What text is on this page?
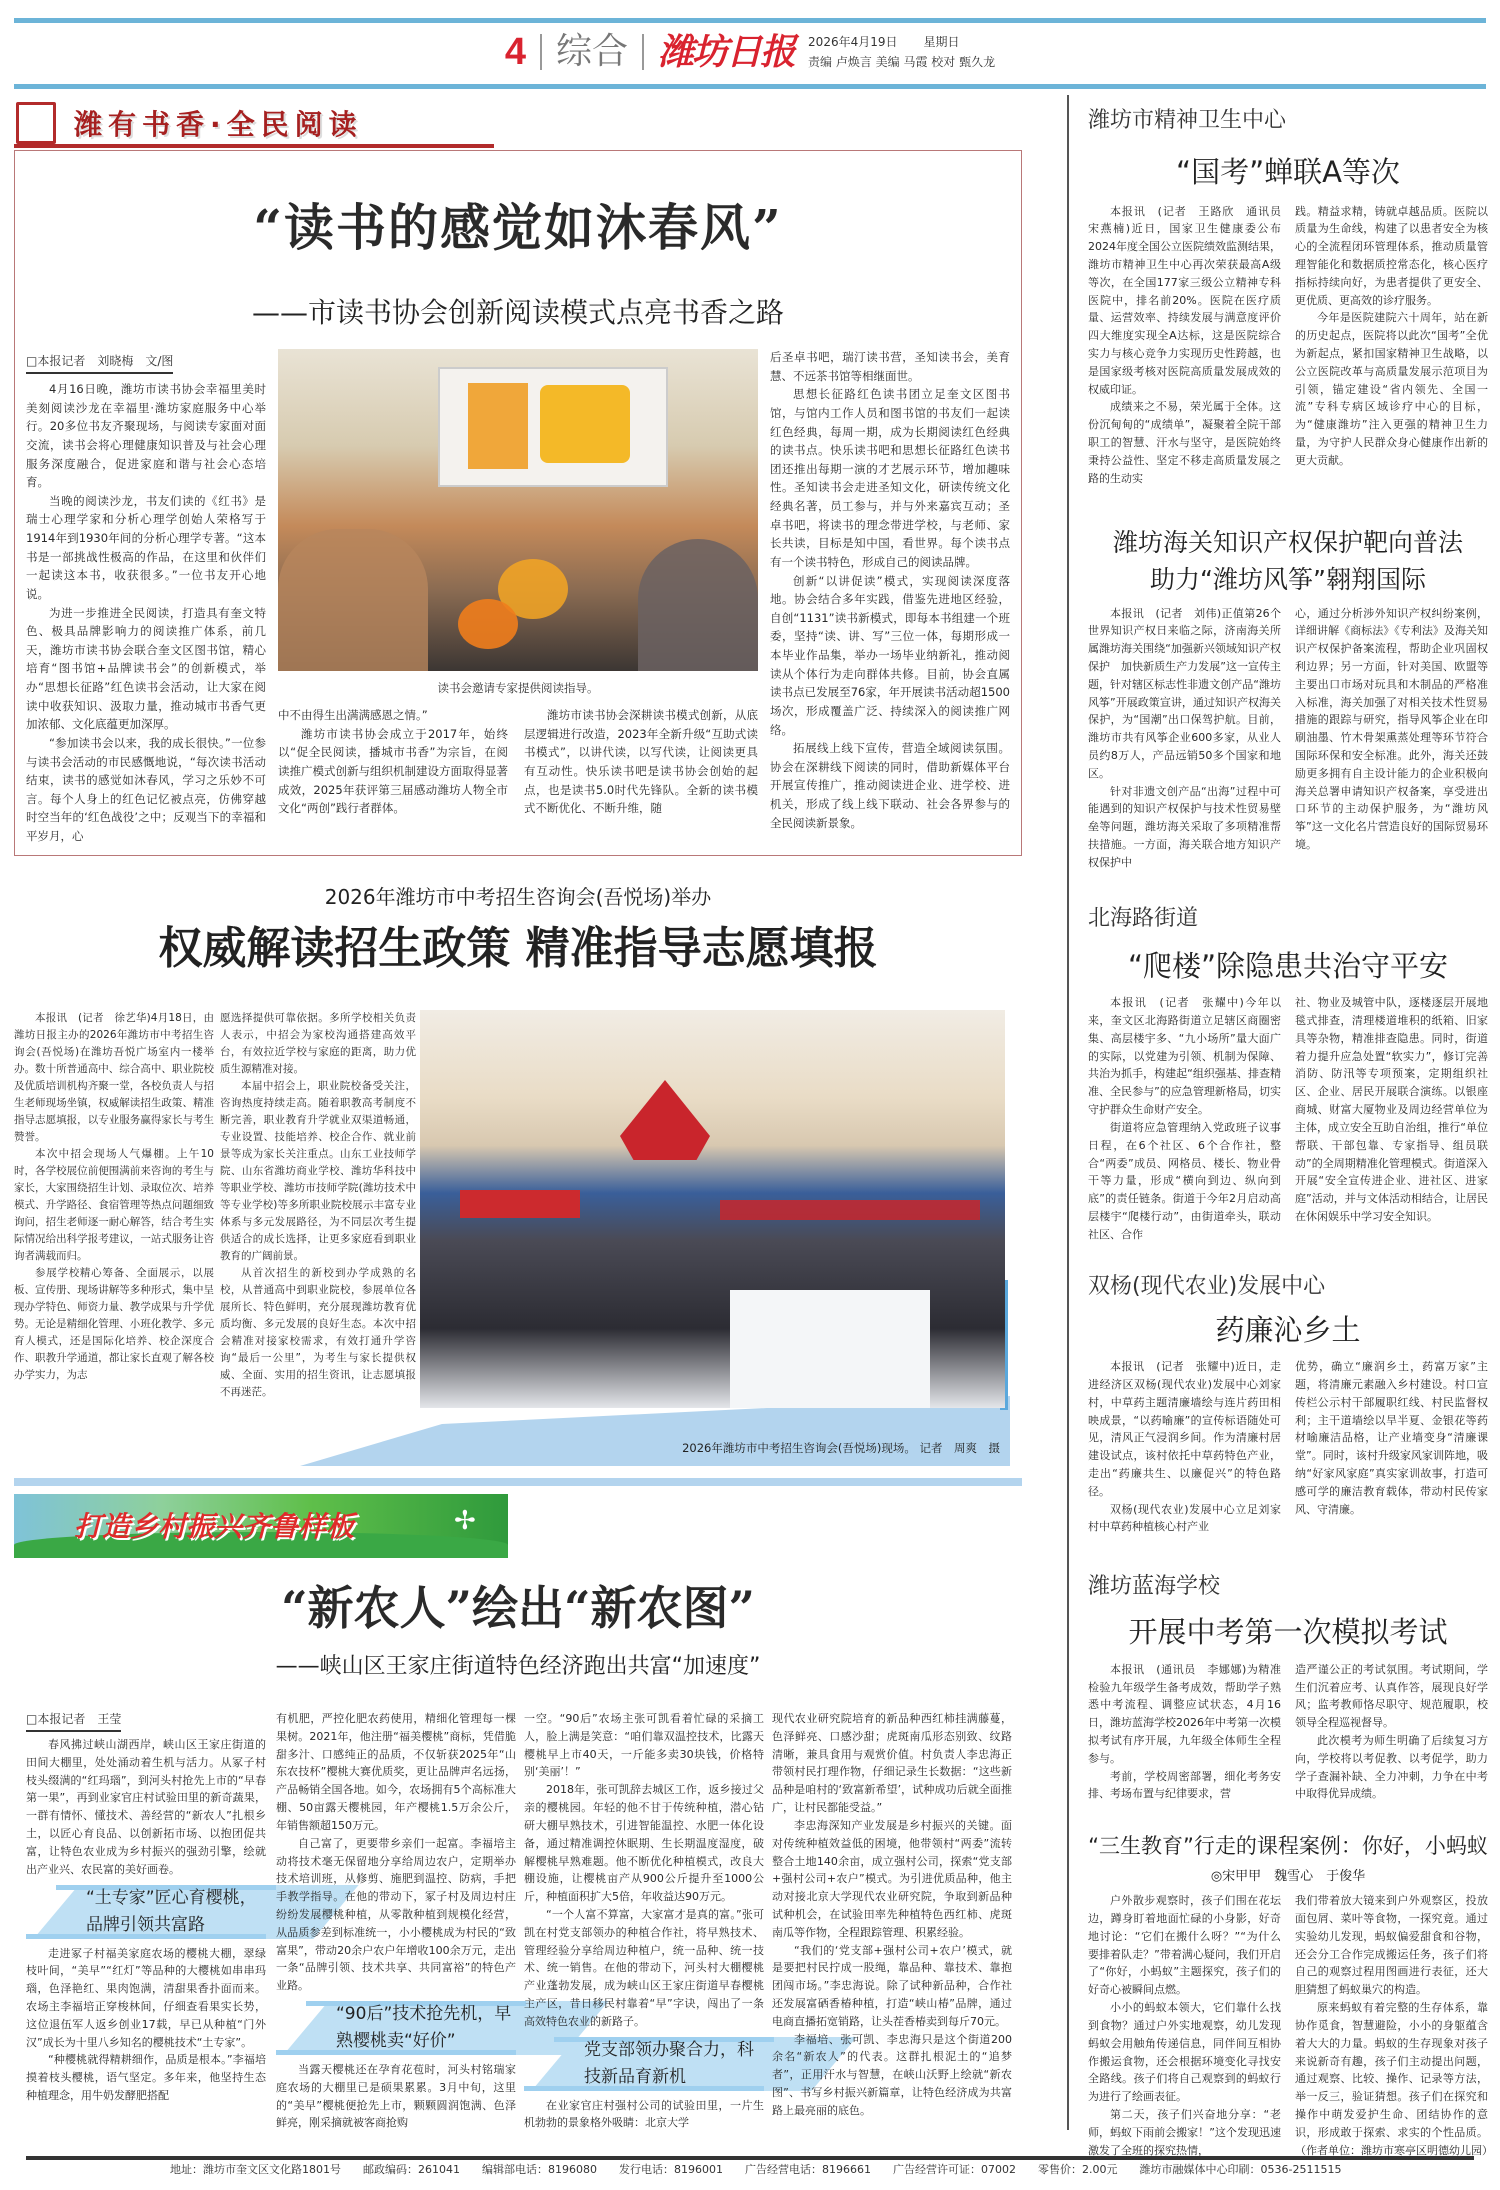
4 综合 潍坊日报 2026年4月19日 星期日
责编 卢焕言 美编 马霞 校对 甄久龙
潍有书香·全民阅读
“读书的感觉如沐春风”
——市读书协会创新阅读模式点亮书香之路
□本报记者　刘晓梅　文/图

4月16日晚，潍坊市读书协会幸福里美时美刻阅读沙龙在幸福里·潍坊家庭服务中心举行。20多位书友齐聚现场，与阅读专家面对面交流，读书会将心理健康知识普及与社会心理服务深度融合，促进家庭和谐与社会心态培育。

当晚的阅读沙龙，书友们读的《红书》是瑞士心理学家和分析心理学创始人荣格写于1914年到1930年间的分析心理学专著。“这本书是一部挑战性极高的作品，在这里和伙伴们一起读这本书，收获很多。”一位书友开心地说。

为进一步推进全民阅读，打造具有奎文特色、极具品牌影响力的阅读推广体系，前几天，潍坊市读书协会联合奎文区图书馆，精心培育“图书馆+品牌读书会”的创新模式，举办“思想长征路”红色读书会活动，让大家在阅读中收获知识、汲取力量，推动城市书香气更加浓郁、文化底蕴更加深厚。

“参加读书会以来，我的成长很快。”一位参与读书会活动的市民感慨地说，“每次读书活动结束，读书的感觉如沐春风，学习之乐妙不可言。每个人身上的红色记忆被点亮，仿佛穿越时空当年的‘红色战役’之中；反观当下的幸福和平岁月，心

读书会邀请专家提供阅读指导。

中不由得生出满满感恩之情。”

潍坊市读书协会成立于2017年，始终以“促全民阅读，播城市书香”为宗旨，在阅读推广模式创新与组织机制建设方面取得显著成效，2025年获评第三届感动潍坊人物全市文化“两创”践行者群体。

潍坊市读书协会深耕读书模式创新，从底层逻辑进行改造，2023年全新升级“互助式读书模式”，以讲代读，以写代读，让阅读更具有互动性。快乐读书吧是读书协会创始的起点，也是读书5.0时代先锋队。全新的读书模式不断优化、不断升维，随

后圣卓书吧，瑞汀读书营，圣知读书会，美育慧、不远茶书馆等相继面世。

思想长征路红色读书团立足奎文区图书馆，与馆内工作人员和图书馆的书友们一起读红色经典，每周一期，成为长期阅读红色经典的读书点。快乐读书吧和思想长征路红色读书团还推出每期一演的才艺展示环节，增加趣味性。圣知读书会走进圣知文化，研读传统文化经典名著，员工参与，并与外来嘉宾互动；圣卓书吧，将读书的理念带进学校，与老师、家长共读，目标是知中国，看世界。每个读书点有一个读书特色，形成自己的阅读品牌。

创新“以讲促读”模式，实现阅读深度落地。协会结合多年实践，借鉴先进地区经验，自创“1131”读书新模式，即每本书组建一个班委，坚持“读、讲、写”三位一体，每期形成一本毕业作品集，举办一场毕业纳新礼，推动阅读从个体行为走向群体共修。目前，协会直属读书点已发展至76家，年开展读书活动超1500场次，形成覆盖广泛、持续深入的阅读推广网络。

拓展线上线下宣传，营造全域阅读氛围。协会在深耕线下阅读的同时，借助新媒体平台开展宣传推广，推动阅读进企业、进学校、进机关，形成了线上线下联动、社会各界参与的全民阅读新景象。

2026年潍坊市中考招生咨询会(吾悦场)举办
权威解读招生政策 精准指导志愿填报

本报讯　(记者　徐艺华)4月18日，由潍坊日报主办的2026年潍坊市中考招生咨询会(吾悦场)在潍坊吾悦广场室内一楼举办。数十所普通高中、综合高中、职业院校及优质培训机构齐聚一堂，各校负责人与招生老师现场坐镇，权威解读招生政策、精准指导志愿填报，以专业服务赢得家长与考生赞誉。

本次中招会现场人气爆棚。上午10时，各学校展位前便围满前来咨询的考生与家长，大家围绕招生计划、录取位次、培养模式、升学路径、食宿管理等热点问题细致询问，招生老师逐一耐心解答，结合考生实际情况给出科学报考建议，一站式服务让咨询者满载而归。

参展学校精心筹备、全面展示，以展板、宣传册、现场讲解等多种形式，集中呈现办学特色、师资力量、教学成果与升学优势。无论是精细化管理、小班化教学、多元育人模式，还是国际化培养、校企深度合作、职教升学通道，都让家长直观了解各校办学实力，为志

愿选择提供可靠依据。多所学校相关负责人表示，中招会为家校沟通搭建高效平台，有效拉近学校与家庭的距离，助力优质生源精准对接。

本届中招会上，职业院校备受关注，咨询热度持续走高。随着职教高考制度不断完善，职业教育升学就业双渠道畅通，专业设置、技能培养、校企合作、就业前景等成为家长关注重点。山东工业技师学院、山东省潍坊商业学校、潍坊华科技中等职业学校、潍坊市技师学院(潍坊技术中等专业学校)等多所职业院校展示丰富专业体系与多元发展路径，为不同层次考生提供适合的成长选择，让更多家庭看到职业教育的广阔前景。

从首次招生的新校到办学成熟的名校，从普通高中到职业院校，参展单位各展所长、特色鲜明，充分展现潍坊教育优质均衡、多元发展的良好生态。本次中招会精准对接家校需求，有效打通升学咨询“最后一公里”，为考生与家长提供权威、全面、实用的招生资讯，让志愿填报不再迷茫。

2026年潍坊市中考招生咨询会(吾悦场)现场。 记者　周爽　摄
打造乡村振兴齐鲁样板	✢
“新农人”绘出“新农图”
——峡山区王家庄街道特色经济跑出共富“加速度”
□本报记者　王莹

春风拂过峡山湖西岸，峡山区王家庄街道的田间大棚里，处处涌动着生机与活力。从冢子村枝头缀满的“红玛瑙”，到河头村抢先上市的“早春第一果”，再到业家官庄村试验田里的新奇蔬果，一群有情怀、懂技术、善经营的“新农人”扎根乡土，以匠心育良品、以创新拓市场、以抱团促共富，让特色农业成为乡村振兴的强劲引擎，绘就出产业兴、农民富的美好画卷。

“土专家”匠心育樱桃，品牌引领共富路

走进冢子村福美家庭农场的樱桃大棚，翠绿枝叶间，“美早”“红灯”等品种的大樱桃如串串玛瑙，色泽艳红、果肉饱满，清甜果香扑面而来。农场主李福培正穿梭林间，仔细查看果实长势，这位退伍军人返乡创业17载，早已从种植“门外汉”成长为十里八乡知名的樱桃技术“土专家”。

“种樱桃就得精耕细作，品质是根本。”李福培摸着枝头樱桃，语气坚定。多年来，他坚持生态种植理念，用牛奶发酵肥搭配

有机肥，严控化肥农药使用，精细化管理每一棵果树。2021年，他注册“福美樱桃”商标，凭借脆甜多汁、口感纯正的品质，不仅斩获2025年“山东农技杯”樱桃大赛优质奖，更让品牌声名远扬，产品畅销全国各地。如今，农场拥有5个高标准大棚、50亩露天樱桃园，年产樱桃1.5万余公斤，年销售额超150万元。

自己富了，更要带乡亲们一起富。李福培主动将技术毫无保留地分享给周边农户，定期举办技术培训班，从修剪、施肥到温控、防病，手把手教学指导。在他的带动下，冢子村及周边村庄纷纷发展樱桃种植，从零散种植到规模化经营，从品质参差到标准统一，小小樱桃成为村民的“致富果”，带动20余户农户年增收100余万元，走出一条“品牌引领、技术共享、共同富裕”的特色产业路。

“90后”技术抢先机，早熟樱桃卖“好价”

当露天樱桃还在孕育花苞时，河头村铭瑞家庭农场的大棚里已是硕果累累。3月中旬，这里的“美早”樱桃便抢先上市，颗颗圆润饱满、色泽鲜亮，刚采摘就被客商抢购

一空。“90后”农场主张可凯看着忙碌的采摘工人，脸上满是笑意：“咱们靠双温控技术，比露天樱桃早上市40天，一斤能多卖30块钱，价格特别‘美丽’！”

2018年，张可凯辞去城区工作，返乡接过父亲的樱桃园。年轻的他不甘于传统种植，潜心钻研大棚早熟技术，引进智能温控、水肥一体化设备，通过精准调控休眠期、生长期温度湿度，破解樱桃早熟难题。他不断优化种植模式，改良大棚设施，让樱桃亩产从900公斤提升至1000公斤，种植面积扩大5倍，年收益达90万元。

“一个人富不算富，大家富才是真的富。”张可凯在村党支部领办的种植合作社，将早熟技术、管理经验分享给周边种植户，统一品种、统一技术、统一销售。在他的带动下，河头村大棚樱桃产业蓬勃发展，成为峡山区王家庄街道早春樱桃主产区，昔日移民村靠着“早”字诀，闯出了一条高效特色农业的新路子。

党支部领办聚合力，科技新品育新机

在业家官庄村强村公司的试验田里，一片生机勃勃的景象格外吸睛：北京大学

现代农业研究院培育的新品种西红柿挂满藤蔓，色泽鲜亮、口感沙甜；虎斑南瓜形态别致、纹路清晰，兼具食用与观赏价值。村负责人李忠海正带领村民打理作物，仔细记录生长数据：“这些新品种是咱村的‘致富新希望’，试种成功后就全面推广，让村民都能受益。”

李忠海深知产业发展是乡村振兴的关键。面对传统种植效益低的困境，他带领村“两委”流转整合土地140余亩，成立强村公司，探索“党支部+强村公司+农户”模式。为引进优质品种，他主动对接北京大学现代农业研究院，争取到新品种试种机会，在试验田率先种植特色西红柿、虎斑南瓜等作物，全程跟踪管理、积累经验。

“我们的‘党支部+强村公司+农户’模式，就是要把村民拧成一股绳，靠品种、靠技术、靠抱团闯市场。”李忠海说。除了试种新品种，合作社还发展富硒香椿种植，打造“峡山椿”品牌，通过电商直播拓宽销路，让头茬香椿卖到每斤70元。

李福培、张可凯、李忠海只是这个街道200余名“新农人”的代表。这群扎根泥土的“追梦者”，正用汗水与智慧，在峡山沃野上绘就“新农图”、书写乡村振兴新篇章，让特色经济成为共富路上最亮丽的底色。

潍坊市精神卫生中心
“国考”蝉联A等次

本报讯　(记者　王路欣　通讯员　宋燕楠)近日，国家卫生健康委公布2024年度全国公立医院绩效监测结果，潍坊市精神卫生中心再次荣获最高A级等次，在全国177家三级公立精神专科医院中，排名前20%。医院在医疗质量、运营效率、持续发展与满意度评价四大维度实现全A达标，这是医院综合实力与核心竞争力实现历史性跨越，也是国家级考核对医院高质量发展成效的权威印证。

成绩来之不易，荣光属于全体。这份沉甸甸的“成绩单”，凝聚着全院干部职工的智慧、汗水与坚守，是医院始终秉持公益性、坚定不移走高质量发展之路的生动实

践。精益求精，铸就卓越品质。医院以质量为生命线，构建了以患者安全为核心的全流程闭环管理体系，推动质量管理智能化和数据质控常态化，核心医疗指标持续向好，为患者提供了更安全、更优质、更高效的诊疗服务。

今年是医院建院六十周年，站在新的历史起点，医院将以此次“国考”全优为新起点，紧扣国家精神卫生战略，以公立医院改革与高质量发展示范项目为引领，锚定建设“省内领先、全国一流”专科专病区域诊疗中心的目标，为“健康潍坊”注入更强的精神卫生力量，为守护人民群众身心健康作出新的更大贡献。

潍坊海关知识产权保护靶向普法
助力“潍坊风筝”翱翔国际

本报讯　(记者　刘伟)正值第26个世界知识产权日来临之际，济南海关所属潍坊海关围绕“加强新兴领域知识产权保护　加快新质生产力发展”这一宣传主题，针对辖区标志性非遗文创产品“潍坊风筝”开展政策宣讲，通过知识产权海关保护，为“国潮”出口保驾护航。目前，潍坊市共有风筝企业600多家，从业人员约8万人，产品远销50多个国家和地区。

针对非遗文创产品“出海”过程中可能遇到的知识产权保护与技术性贸易壁垒等问题，潍坊海关采取了多项精准帮扶措施。一方面，海关联合地方知识产权保护中

心，通过分析涉外知识产权纠纷案例，详细讲解《商标法》《专利法》及海关知识产权保护备案流程，帮助企业巩固权利边界；另一方面，针对美国、欧盟等主要出口市场对玩具和木制品的严格准入标准，海关加强了对相关技术性贸易措施的跟踪与研究，指导风筝企业在印刷油墨、竹木骨架熏蒸处理等环节符合国际环保和安全标准。此外，海关还鼓励更多拥有自主设计能力的企业积极向海关总署申请知识产权备案，享受进出口环节的主动保护服务，为“潍坊风筝”这一文化名片营造良好的国际贸易环境。

北海路街道
“爬楼”除隐患共治守平安

本报讯　(记者　张耀中)今年以来，奎文区北海路街道立足辖区商圈密集、高层楼宇多、“九小场所”量大面广的实际，以党建为引领、机制为保障、共治为抓手，构建起“组织强基、排查精准、全民参与”的应急管理新格局，切实守护群众生命财产安全。

街道将应急管理纳入党政班子议事日程，在6个社区、6个合作社，整合“两委”成员、网格员、楼长、物业骨干等力量，形成“横向到边、纵向到底”的责任链条。街道于今年2月启动高层楼宇“爬楼行动”，由街道牵头，联动社区、合作

社、物业及城管中队，逐楼逐层开展地毯式排查，清理楼道堆积的纸箱、旧家具等杂物，精准排查隐患。同时，街道着力提升应急处置“软实力”，修订完善消防、防汛等专项预案，定期组织社区、企业、居民开展联合演练。以银座商城、财富大厦物业及周边经营单位为主体，成立安全互助自治组，推行“单位帮联、干部包靠、专家指导、组员联动”的全周期精准化管理模式。街道深入开展“安全宣传进企业、进社区、进家庭”活动，并与文体活动相结合，让居民在休闲娱乐中学习安全知识。

双杨(现代农业)发展中心
药廉沁乡土

本报讯　(记者　张耀中)近日，走进经济区双杨(现代农业)发展中心刘家村，中草药主题清廉墙绘与连片药田相映成景，“以药喻廉”的宣传标语随处可见，清风正气浸润乡间。作为清廉村居建设试点，该村依托中草药特色产业，走出“药廉共生、以廉促兴”的特色路径。

双杨(现代农业)发展中心立足刘家村中草药种植核心村产业

优势，确立“廉润乡土，药富万家”主题，将清廉元素融入乡村建设。村口宣传栏公示村干部履职红线、村民监督权利；主干道墙绘以旱半夏、金银花等药材喻廉洁品格，让产业墙变身“清廉课堂”。同时，该村升级家风家训阵地，吸纳“好家风家庭”真实家训故事，打造可感可学的廉洁教育载体，带动村民传家风、守清廉。

潍坊蓝海学校
开展中考第一次模拟考试

本报讯　(通讯员　李娜娜)为精准检验九年级学生备考成效，帮助学子熟悉中考流程、调整应试状态，4月16日，潍坊蓝海学校2026年中考第一次模拟考试有序开展，九年级全体师生全程参与。

考前，学校周密部署，细化考务安排、考场布置与纪律要求，营

造严谨公正的考试氛围。考试期间，学生们沉着应考、认真作答，展现良好学风；监考教师恪尽职守、规范履职，校领导全程巡视督导。

此次模考为师生明确了后续复习方向，学校将以考促教、以考促学，助力学子查漏补缺、全力冲刺，力争在中考中取得优异成绩。

“三生教育”行走的课程案例：你好，小蚂蚁
◎宋甲甲　魏雪心　于俊华

户外散步观察时，孩子们围在花坛边，蹲身盯着地面忙碌的小身影，好奇地讨论：“它们在搬什么呀？”“为什么要排着队走？”带着满心疑问，我们开启了“你好，小蚂蚁”主题探究，孩子们的好奇心被瞬间点燃。

小小的蚂蚁本领大，它们靠什么找到食物？通过户外实地观察，幼儿发现蚂蚁会用触角传递信息，同伴间互相协作搬运食物，还会根据环境变化寻找安全路线。孩子们将自己观察到的蚂蚁行为进行了绘画表征。

第二天，孩子们兴奋地分享：“老师，蚂蚁下雨前会搬家！”这个发现迅速激发了全班的探究热情，

我们带着放大镜来到户外观察区，投放面包屑、菜叶等食物，一探究竟。通过实验幼儿发现，蚂蚁偏爱甜食和谷物，还会分工合作完成搬运任务，孩子们将自己的观察过程用图画进行表征，还大胆猜想了蚂蚁巢穴的构造。

原来蚂蚁有着完整的生存体系，靠协作觅食，智慧避险，小小的身躯蕴含着大大的力量。蚂蚁的生存现象对孩子来说新奇有趣，孩子们主动提出问题，通过观察、比较、操作、记录等方法，举一反三，验证猜想。孩子们在探究和操作中萌发爱护生命、团结协作的意识，形成敢于探索、求实的个性品质。（作者单位：潍坊市寒亭区明德幼儿园）

地址：潍坊市奎文区文化路1801号 邮政编码：261041 编辑部电话：8196080 发行电话：8196001 广告经营电话：8196661 广告经营许可证：07002 零售价：2.00元 潍坊市融媒体中心印刷：0536-2511515
